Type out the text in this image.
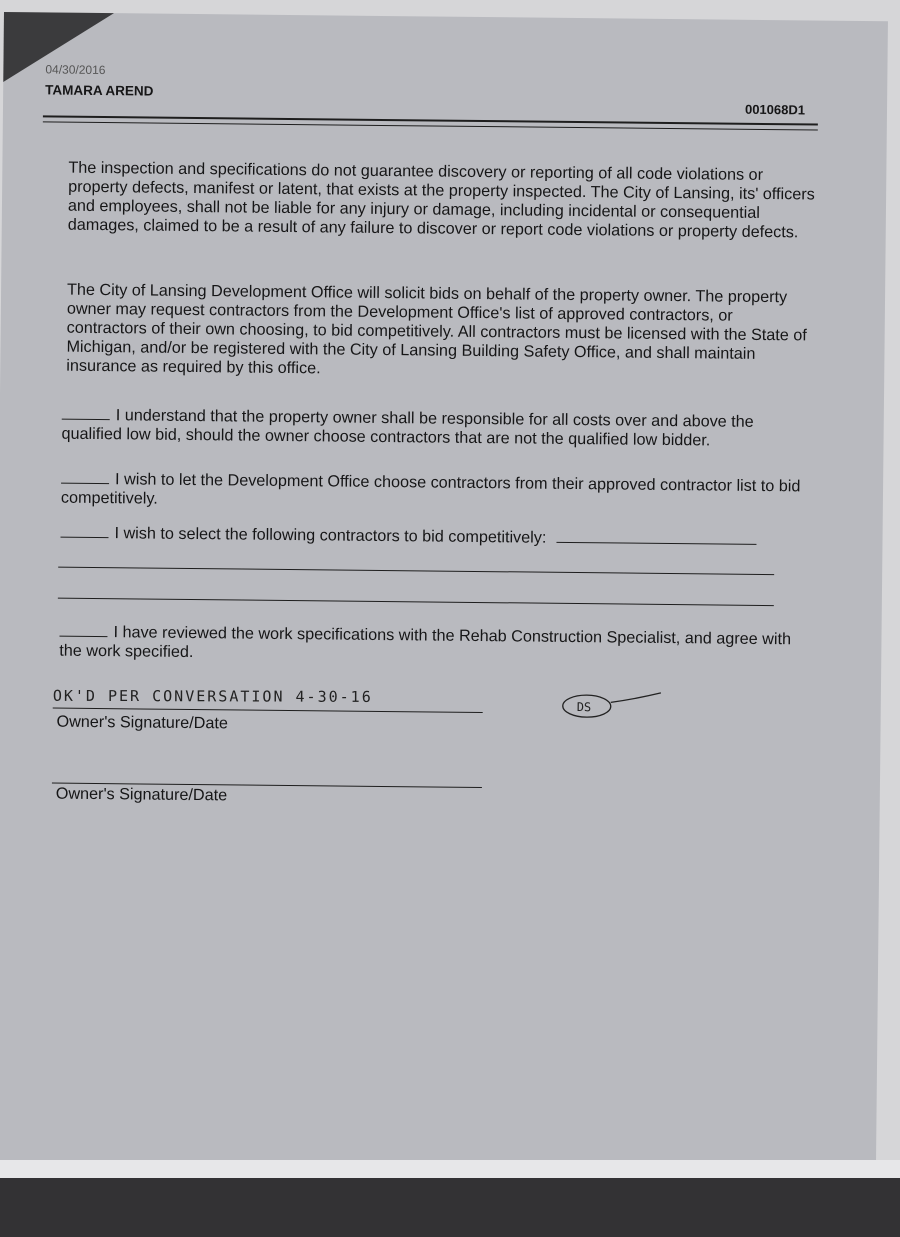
04/30/2016
TAMARA AREND
001068D1
The inspection and specifications do not guarantee discovery or reporting of all code violations or property defects, manifest or latent, that exists at the property inspected. The City of Lansing, its' officers and employees, shall not be liable for any injury or damage, including incidental or consequential damages, claimed to be a result of any failure to discover or report code violations or property defects.
The City of Lansing Development Office will solicit bids on behalf of the property owner. The property owner may request contractors from the Development Office's list of approved contractors, or contractors of their own choosing, to bid competitively. All contractors must be licensed with the State of Michigan, and/or be registered with the City of Lansing Building Safety Office, and shall maintain insurance as required by this office.
I understand that the property owner shall be responsible for all costs over and above the qualified low bid, should the owner choose contractors that are not the qualified low bidder.
I wish to let the Development Office choose contractors from their approved contractor list to bid competitively.
I wish to select the following contractors to bid competitively:
I have reviewed the work specifications with the Rehab Construction Specialist, and agree with the work specified.
OK'D PER CONVERSATION 4-30-16
DS
Owner's Signature/Date
Owner's Signature/Date
